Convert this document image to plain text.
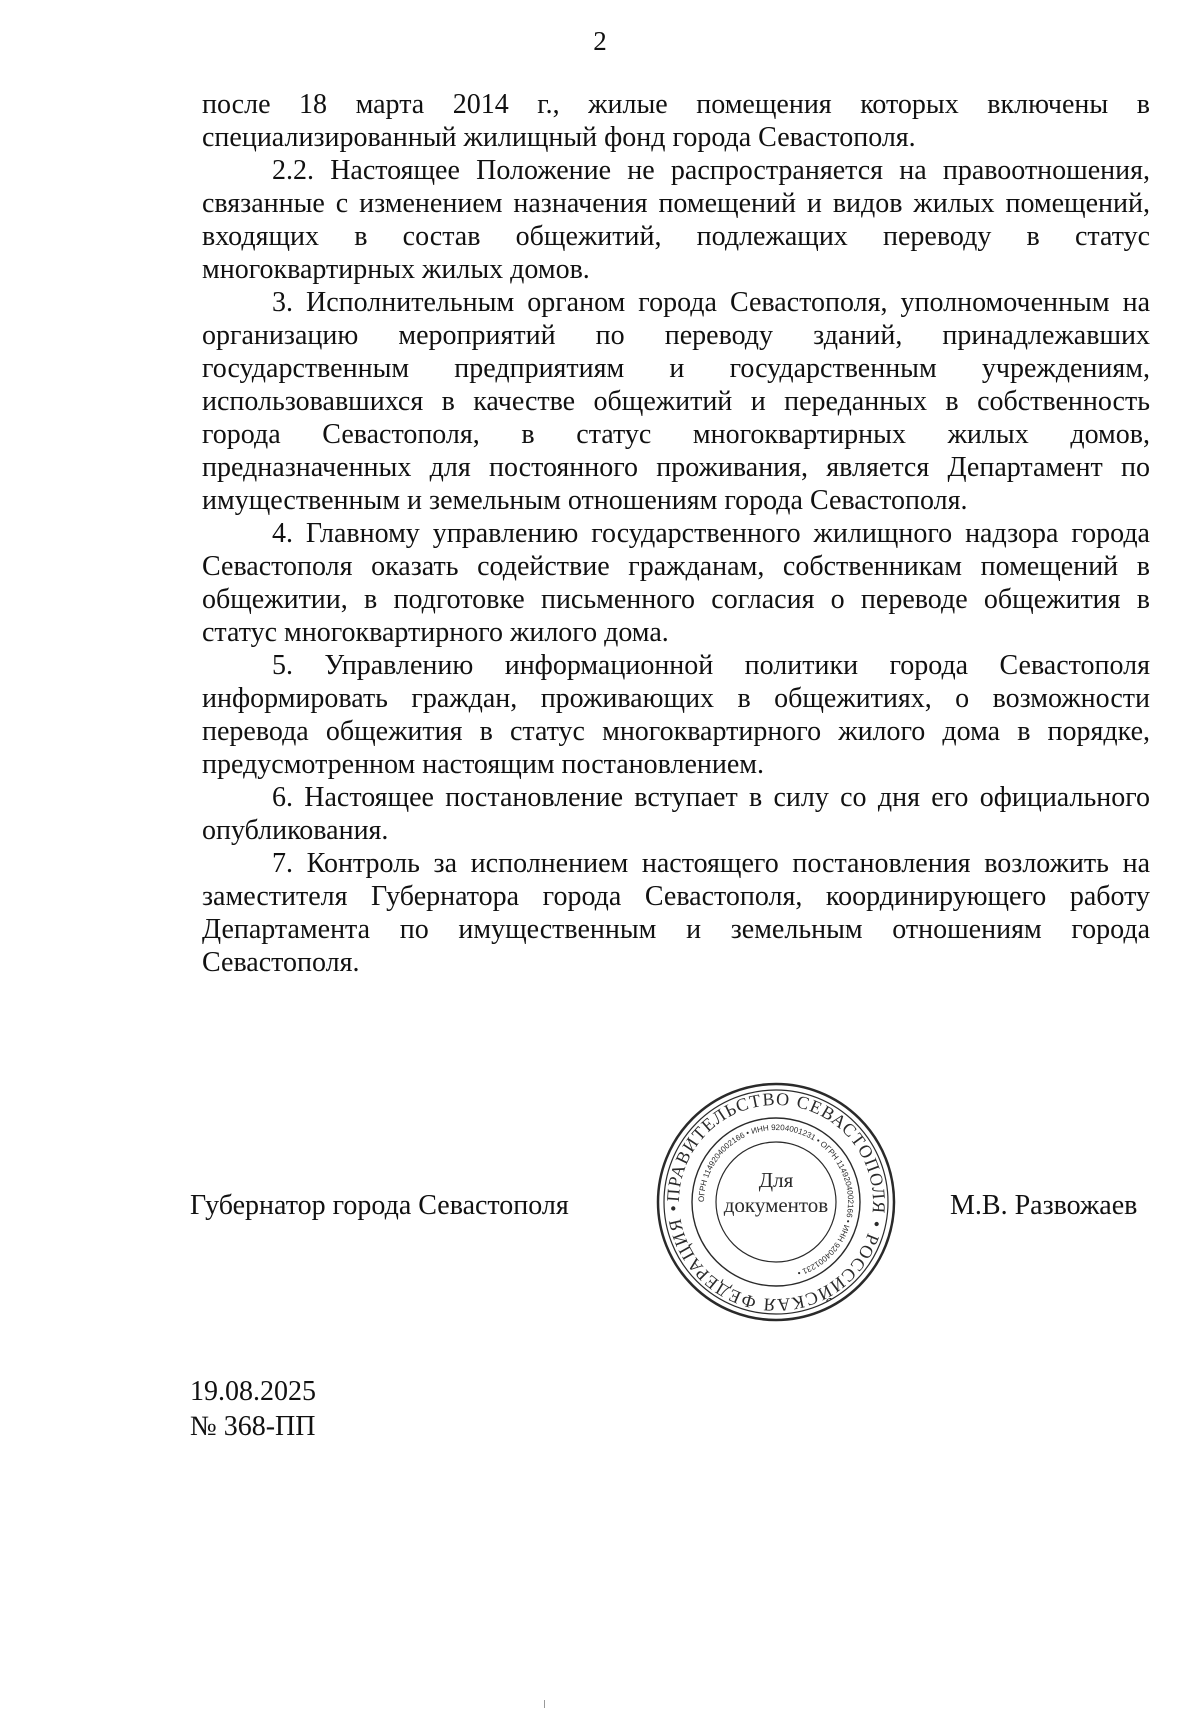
2

после 18 марта 2014 г., жилые помещения которых включены в специализированный жилищный фонд города Севастополя.

2.2. Настоящее Положение не распространяется на правоотношения, связанные с изменением назначения помещений и видов жилых помещений, входящих в состав общежитий, подлежащих переводу в статус многоквартирных жилых домов.

3. Исполнительным органом города Севастополя, уполномоченным на организацию мероприятий по переводу зданий, принадлежавших государственным предприятиям и государственным учреждениям, использовавшихся в качестве общежитий и переданных в собственность города Севастополя, в статус многоквартирных жилых домов, предназначенных для постоянного проживания, является Департамент по имущественным и земельным отношениям города Севастополя.

4. Главному управлению государственного жилищного надзора города Севастополя оказать содействие гражданам, собственникам помещений в общежитии, в подготовке письменного согласия о переводе общежития в статус многоквартирного жилого дома.

5. Управлению информационной политики города Севастополя информировать граждан, проживающих в общежитиях, о возможности перевода общежития в статус многоквартирного жилого дома в порядке, предусмотренном настоящим постановлением.

6. Настоящее постановление вступает в силу со дня его официального опубликования.

7. Контроль за исполнением настоящего постановления возложить на заместителя Губернатора города Севастополя, координирующего работу Департамента по имущественным и земельным отношениям города Севастополя.

Губернатор города Севастополя	ПРАВИТЕЛЬСТВО СЕВАСТОПОЛЯ • РОССИЙСКАЯ ФЕДЕРАЦИЯ •
ОГРН 1149204002166 • ИНН 9204001231 • ОГРН 1149204002166 • ИНН 9204001231 •
Для
документов	М.В. Развожаев
19.08.2025
№ 368-ПП
